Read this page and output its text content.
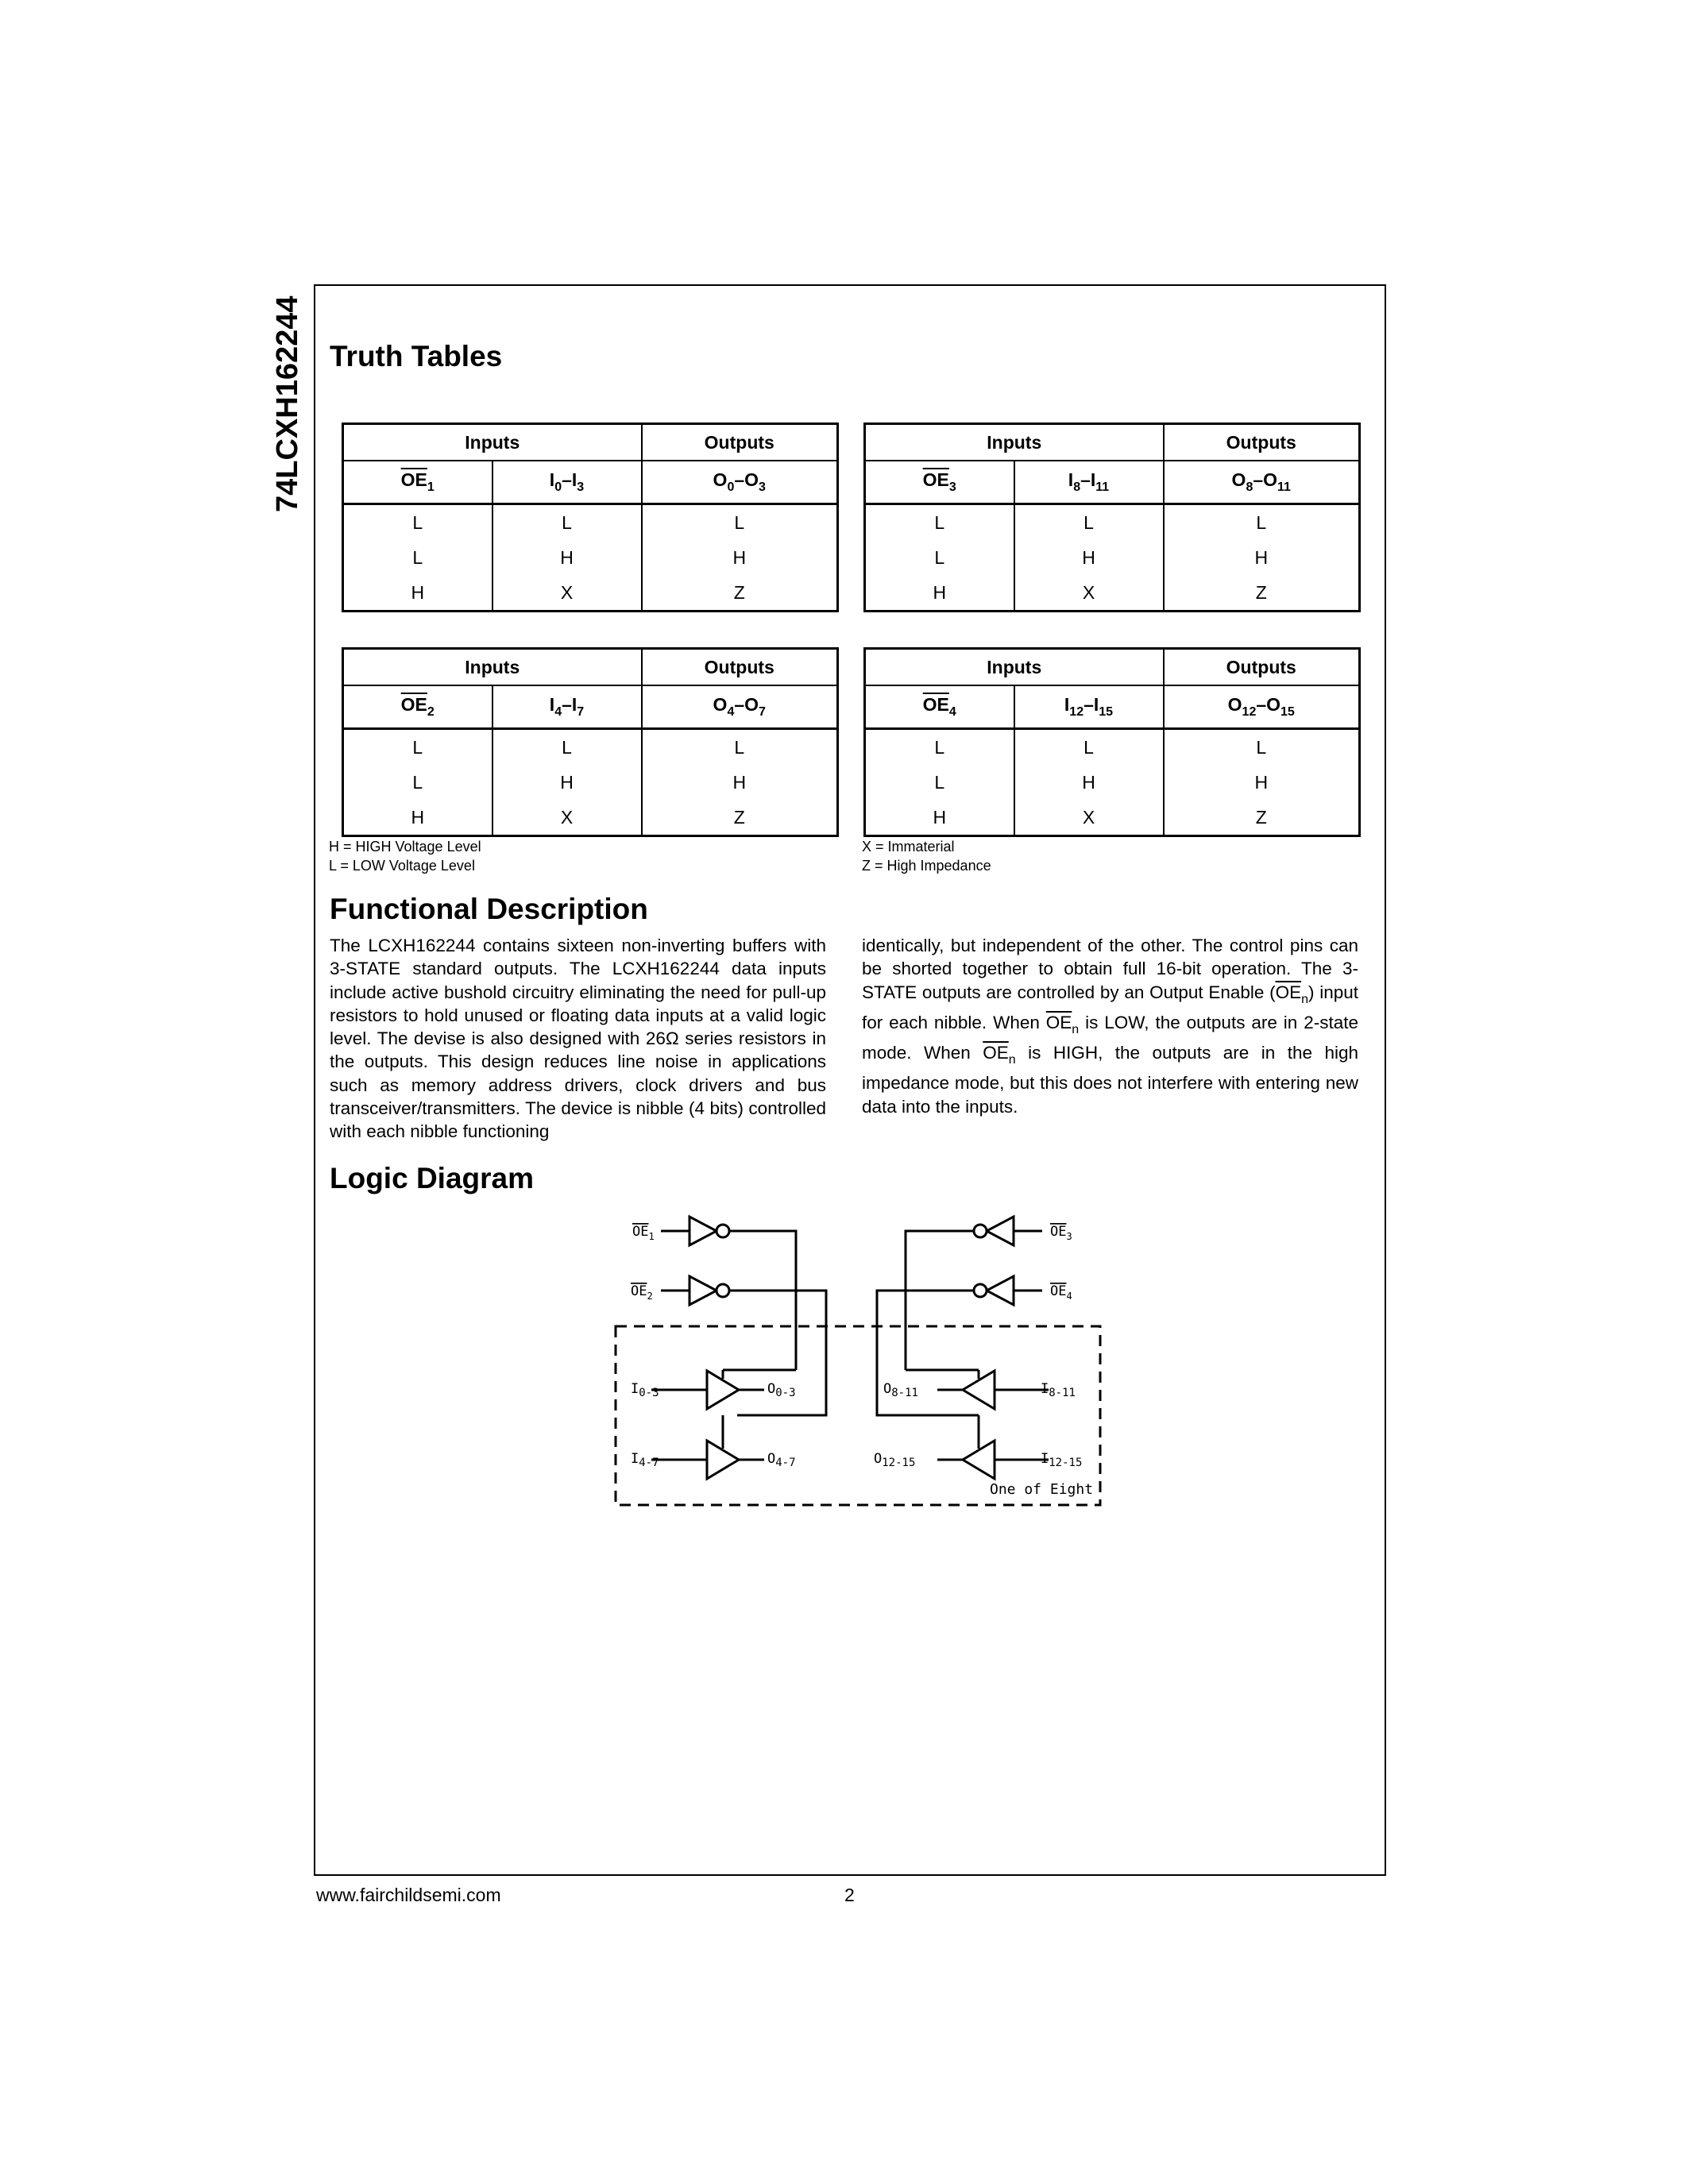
74LCXH162244 Truth Tables
Inputs		Outputs
$\overline{OE}_1$	$I_0-I_3$	$O_0-O_3$
L	L	L
L	H	H
H	X	Z
Inputs		Outputs
$\overline{OE}_3$	$I_8-I_{11}$	$O_8-O_{11}$
L	L	L
L	H	H
H	X	Z
Inputs		Outputs
$\overline{OE}_2$	$I_4-I_7$	$O_4-O_7$
L	L	L
L	H	H
H	X	Z
Inputs		Outputs
$\overline{OE}_4$	$I_{12}-I_{15}$	$O_{12}-O_{15}$
L	L	L
L	H	H
H	X	Z
H = HIGH Voltage Level
L = LOW Voltage Level
X = Immaterial
Z = High Impedance
Functional Description

The LCXH162244 contains sixteen non-inverting buffers with 3-STATE standard outputs. The LCXH162244 data inputs include active bushold circuitry eliminating the need for pull-up resistors to hold unused or floating data inputs at a valid logic level. The devise is also designed with 26Ω series resistors in the outputs. This design reduces line noise in applications such as memory address drivers, clock drivers and bus transceiver/transmitters. The device is nibble (4 bits) controlled with each nibble functioning

identically, but independent of the other. The control pins can be shorted together to obtain full 16-bit operation. The 3-STATE outputs are controlled by an Output Enable $(\overline{OE}_n)$ input for each nibble. When $\overline{OE}_n$ is LOW, the outputs are in 2-state mode. When $\overline{OE}_n$ is HIGH, the outputs are in the high impedance mode, but this does not interfere with entering new data into the inputs.

Logic Diagram
$OE_1$
$OE_2$
$OE_3$
$OE_4$
$I_{0-3}$	$O_{0-3}$
$I_{4-7}$	$O_{4-7}$
$O_{8-11}$	$I_{8-11}$
$O_{12-15}$	$I_{12-15}$
One of Eight
www.fairchildsemi.com	2
